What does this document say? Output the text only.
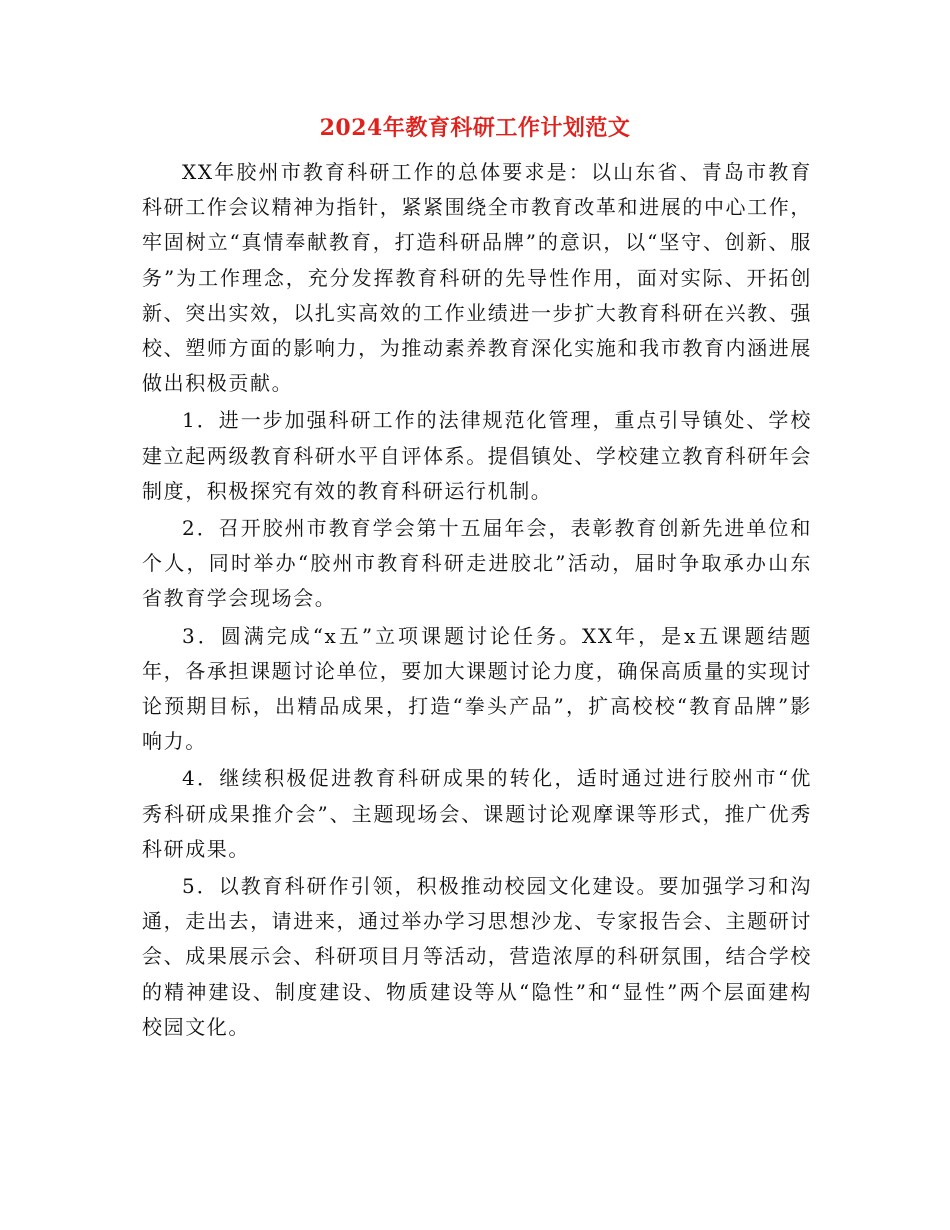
2024年教育科研工作计划范文

XX年胶州市教育科研工作的总体要求是：以山东省、青岛市教育科研工作会议精神为指针，紧紧围绕全市教育改革和进展的中心工作，牢固树立“真情奉献教育，打造科研品牌”的意识，以“坚守、创新、服务”为工作理念，充分发挥教育科研的先导性作用，面对实际、开拓创新、突出实效，以扎实高效的工作业绩进一步扩大教育科研在兴教、强校、塑师方面的影响力，为推动素养教育深化实施和我市教育内涵进展做出积极贡献。

1．进一步加强科研工作的法律规范化管理，重点引导镇处、学校建立起两级教育科研水平自评体系。提倡镇处、学校建立教育科研年会制度，积极探究有效的教育科研运行机制。

2．召开胶州市教育学会第十五届年会，表彰教育创新先进单位和个人，同时举办“胶州市教育科研走进胶北”活动，届时争取承办山东省教育学会现场会。

3．圆满完成“x五”立项课题讨论任务。XX年，是x五课题结题年，各承担课题讨论单位，要加大课题讨论力度，确保高质量的实现讨论预期目标，出精品成果，打造“拳头产品”，扩高校校“教育品牌”影响力。

4．继续积极促进教育科研成果的转化，适时通过进行胶州市“优秀科研成果推介会”、主题现场会、课题讨论观摩课等形式，推广优秀科研成果。

5．以教育科研作引领，积极推动校园文化建设。要加强学习和沟通，走出去，请进来，通过举办学习思想沙龙、专家报告会、主题研讨会、成果展示会、科研项目月等活动，营造浓厚的科研氛围，结合学校的精神建设、制度建设、物质建设等从“隐性”和“显性”两个层面建构校园文化。
